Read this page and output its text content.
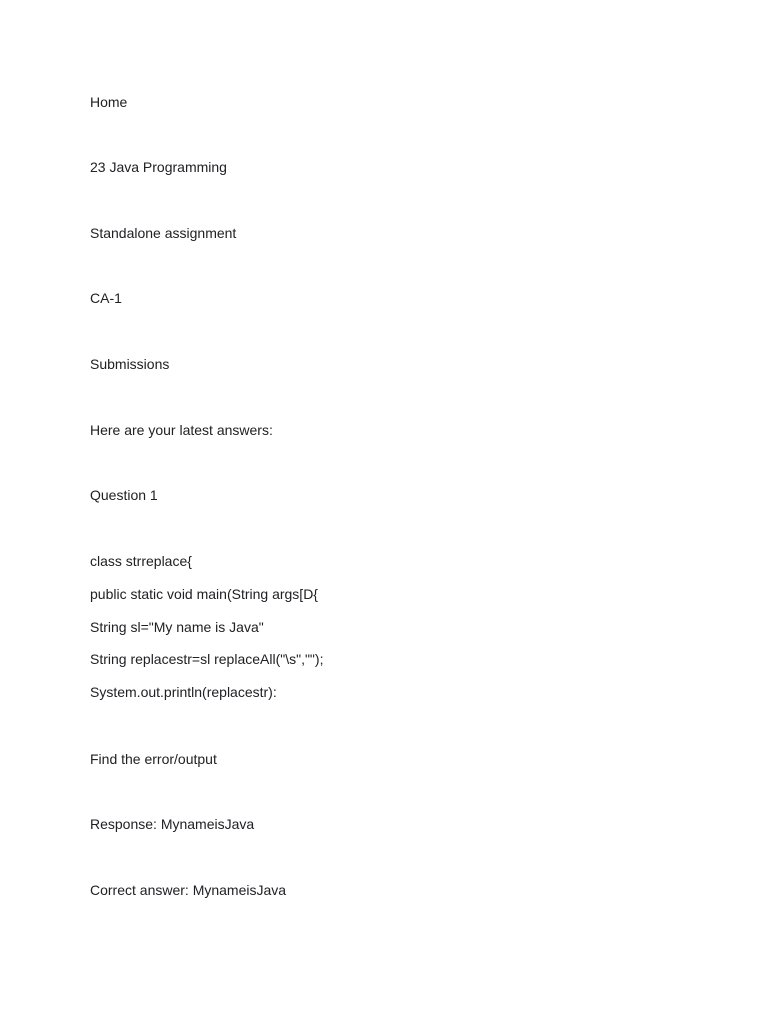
Home

23 Java Programming

Standalone assignment

CA-1

Submissions

Here are your latest answers:

Question 1

class strreplace{

public static void main(String args[D{

String sl="My name is Java"

String replacestr=sl replaceAll("\s","");

System.out.println(replacestr):

Find the error/output

Response: MynameisJava

Correct answer: MynameisJava
